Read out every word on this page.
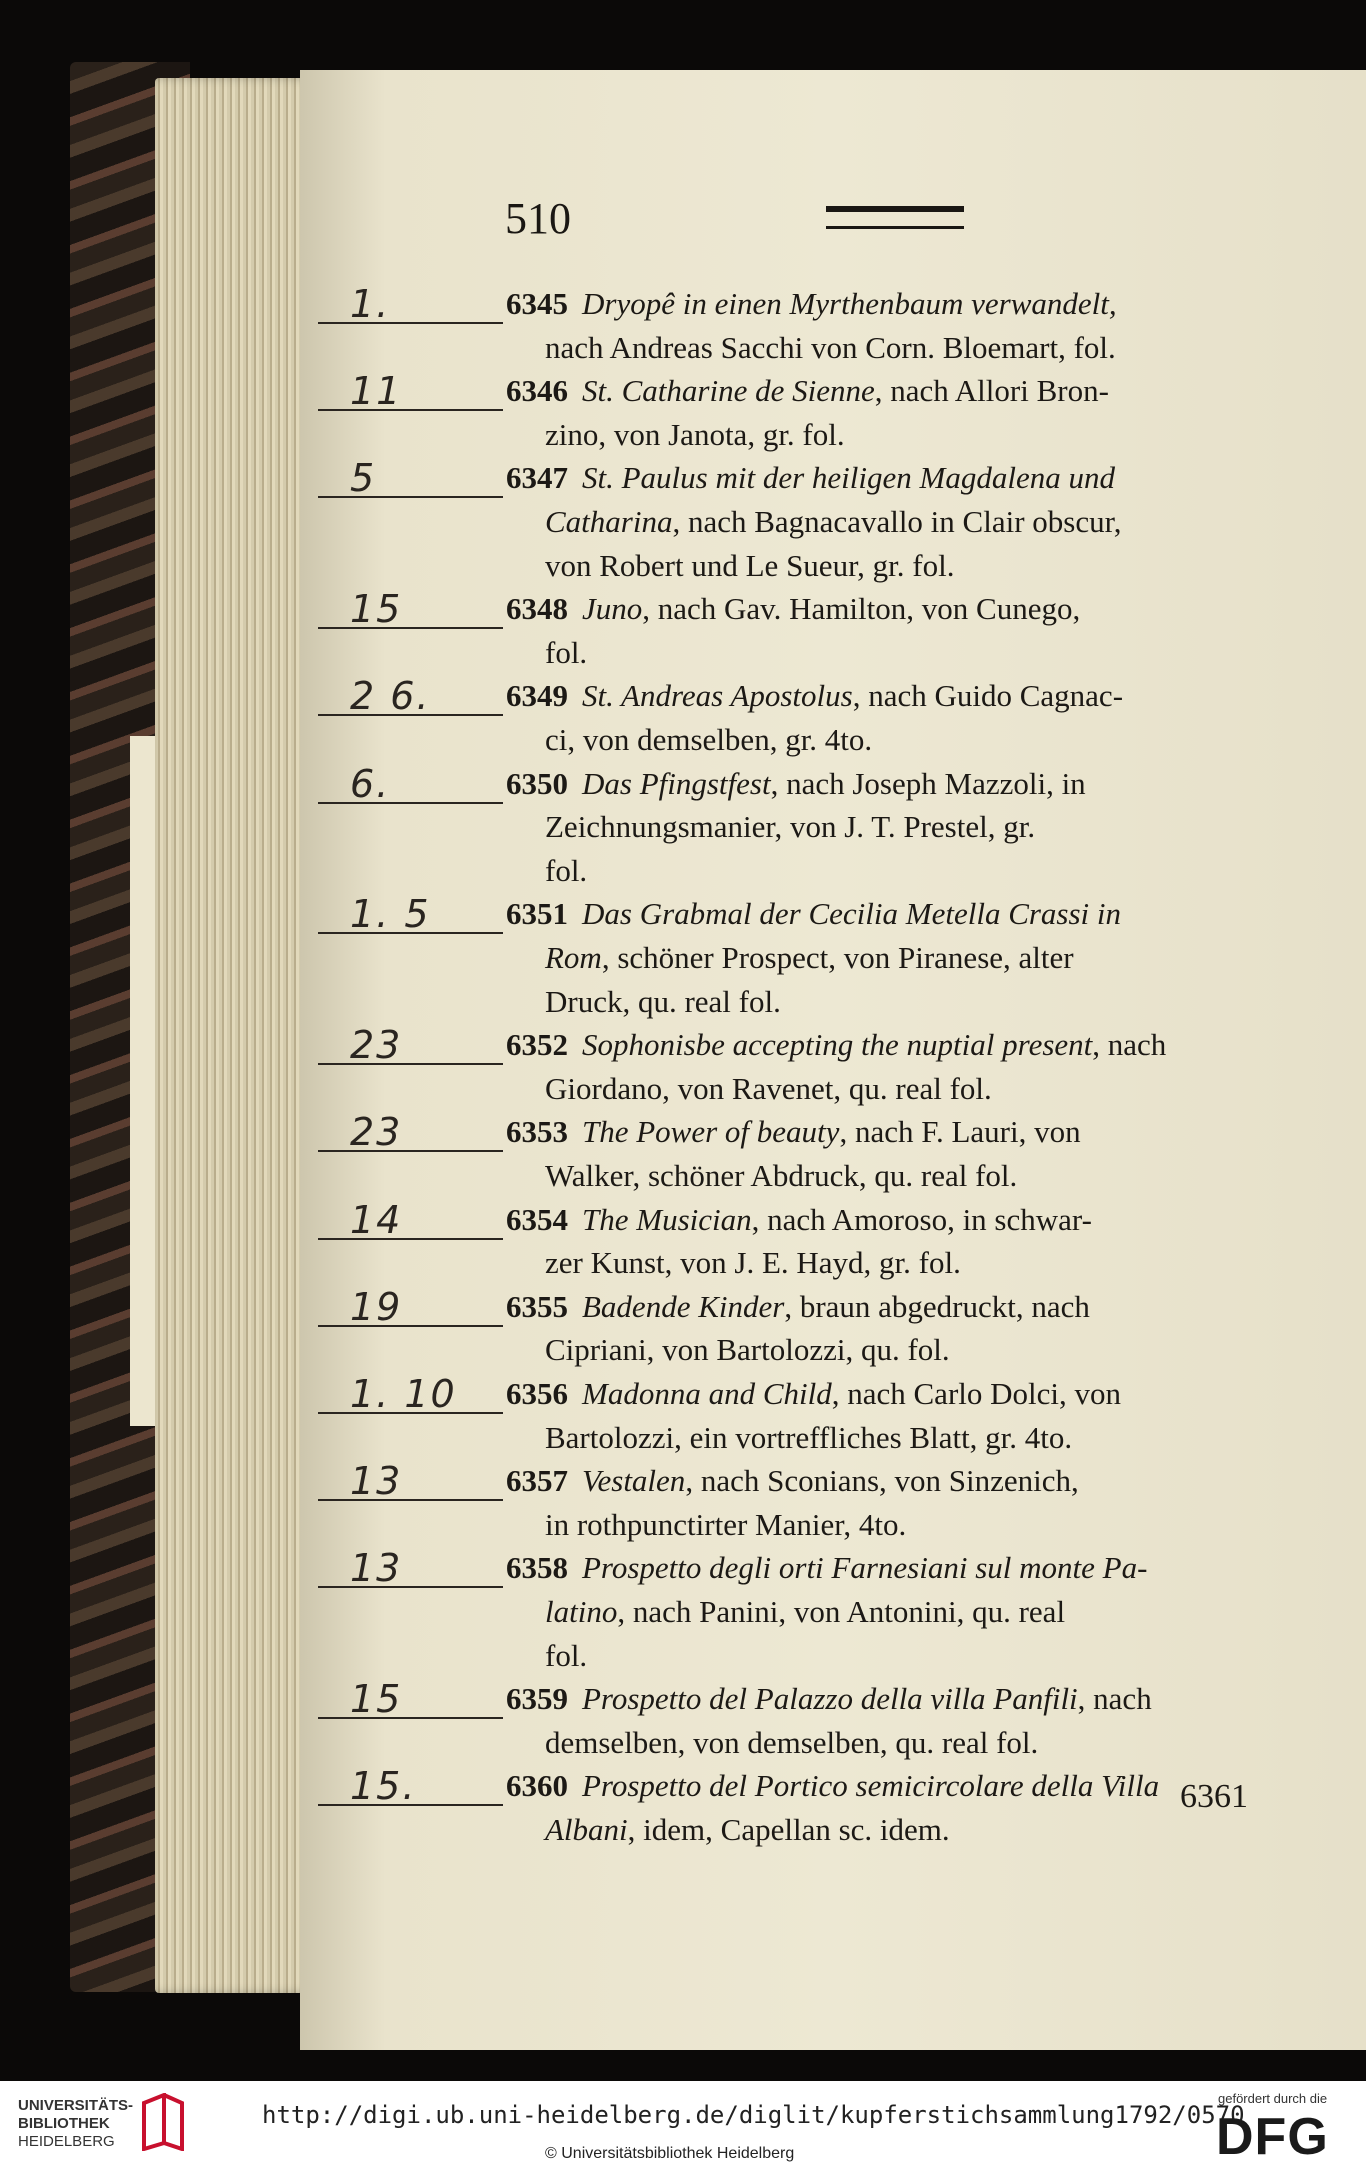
510
1.	6345 Dryopê in einen Myrthenbaum verwandelt,
nach Andreas Sacchi von Corn. Bloemart, fol.
11	6346 St. Catharine de Sienne, nach Allori Bron-
zino, von Janota, gr. fol.
5	6347 St. Paulus mit der heiligen Magdalena und
Catharina, nach Bagnacavallo in Clair obscur,
von Robert und Le Sueur, gr. fol.
15	6348 Juno, nach Gav. Hamilton, von Cunego,
fol.
2 6. 6349 St. Andreas Apostolus, nach Guido Cagnac-
ci, von demselben, gr. 4to.
6.	6350 Das Pfingstfest, nach Joseph Mazzoli, in
Zeichnungsmanier, von J. T. Prestel, gr.
fol.
1. 5 6351 Das Grabmal der Cecilia Metella Crassi in
Rom, schöner Prospect, von Piranese, alter
Druck, qu. real fol.
23	6352 Sophonisbe accepting the nuptial present, nach
Giordano, von Ravenet, qu. real fol.
23	6353 The Power of beauty, nach F. Lauri, von
Walker, schöner Abdruck, qu. real fol.
14	6354 The Musician, nach Amoroso, in schwar-
zer Kunst, von J. E. Hayd, gr. fol.
19	6355 Badende Kinder, braun abgedruckt, nach
Cipriani, von Bartolozzi, qu. fol.
1. 10 6356 Madonna and Child, nach Carlo Dolci, von
Bartolozzi, ein vortreffliches Blatt, gr. 4to.
13	6357 Vestalen, nach Sconians, von Sinzenich,
in rothpunctirter Manier, 4to.
13	6358 Prospetto degli orti Farnesiani sul monte Pa-
latino, nach Panini, von Antonini, qu. real
fol.
15	6359 Prospetto del Palazzo della villa Panfili, nach
demselben, von demselben, qu. real fol.
15.	6360 Prospetto del Portico semicircolare della Villa
Albani, idem, Capellan sc. idem.
6361
UNIVERSITÄTS-
BIBLIOTHEK
HEIDELBERG
http://digi.ub.uni-heidelberg.de/diglit/kupferstichsammlung1792/0570
© Universitätsbibliothek Heidelberg
gefördert durch die
DFG
